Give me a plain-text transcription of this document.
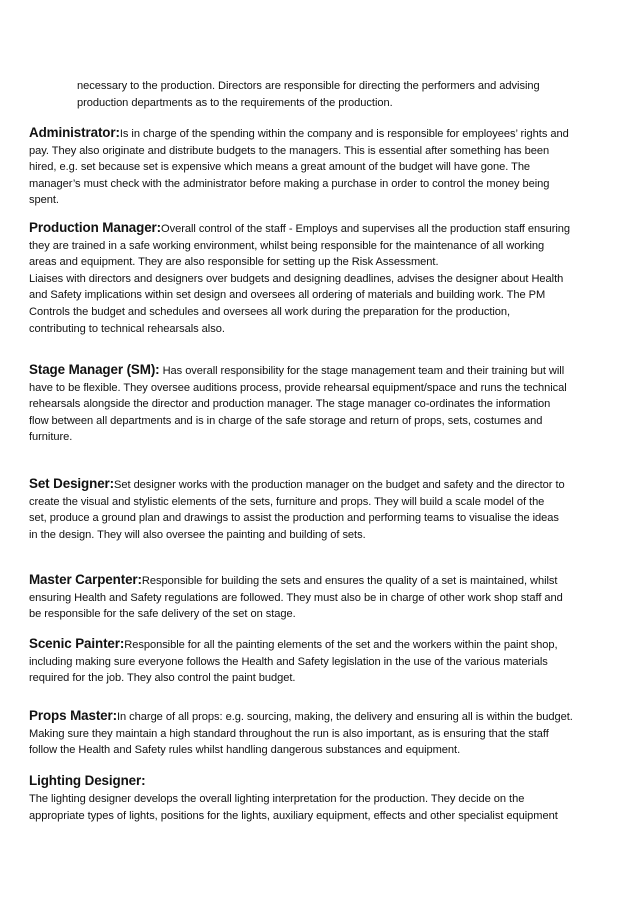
necessary to the production. Directors are responsible for directing the performers and advising
production departments as to the requirements of the production.
Administrator:Is in charge of the spending within the company and is responsible for employees’ rights and
pay. They also originate and distribute budgets to the managers. This is essential after something has been
hired, e.g. set because set is expensive which means a great amount of the budget will have gone. The
manager’s must check with the administrator before making a purchase in order to control the money being
spent.
Production Manager:Overall control of the staff - Employs and supervises all the production staff ensuring
they are trained in a safe working environment, whilst being responsible for the maintenance of all working
areas and equipment. They are also responsible for setting up the Risk Assessment.
Liaises with directors and designers over budgets and designing deadlines, advises the designer about Health
and Safety implications within set design and oversees all ordering of materials and building work. The PM
Controls the budget and schedules and oversees all work during the preparation for the production,
contributing to technical rehearsals also.
Stage Manager (SM): Has overall responsibility for the stage management team and their training but will
have to be flexible. They oversee auditions process, provide rehearsal equipment/space and runs the technical
rehearsals alongside the director and production manager. The stage manager co-ordinates the information
flow between all departments and is in charge of the safe storage and return of props, sets, costumes and
furniture.
Set Designer:Set designer works with the production manager on the budget and safety and the director to
create the visual and stylistic elements of the sets, furniture and props. They will build a scale model of the
set, produce a ground plan and drawings to assist the production and performing teams to visualise the ideas
in the design. They will also oversee the painting and building of sets.
Master Carpenter:Responsible for building the sets and ensures the quality of a set is maintained, whilst
ensuring Health and Safety regulations are followed. They must also be in charge of other work shop staff and
be responsible for the safe delivery of the set on stage.
Scenic Painter:Responsible for all the painting elements of the set and the workers within the paint shop,
including making sure everyone follows the Health and Safety legislation in the use of the various materials
required for the job. They also control the paint budget.
Props Master:In charge of all props: e.g. sourcing, making, the delivery and ensuring all is within the budget.
Making sure they maintain a high standard throughout the run is also important, as is ensuring that the staff
follow the Health and Safety rules whilst handling dangerous substances and equipment.
Lighting Designer:
The lighting designer develops the overall lighting interpretation for the production. They decide on the
appropriate types of lights, positions for the lights, auxiliary equipment, effects and other specialist equipment
